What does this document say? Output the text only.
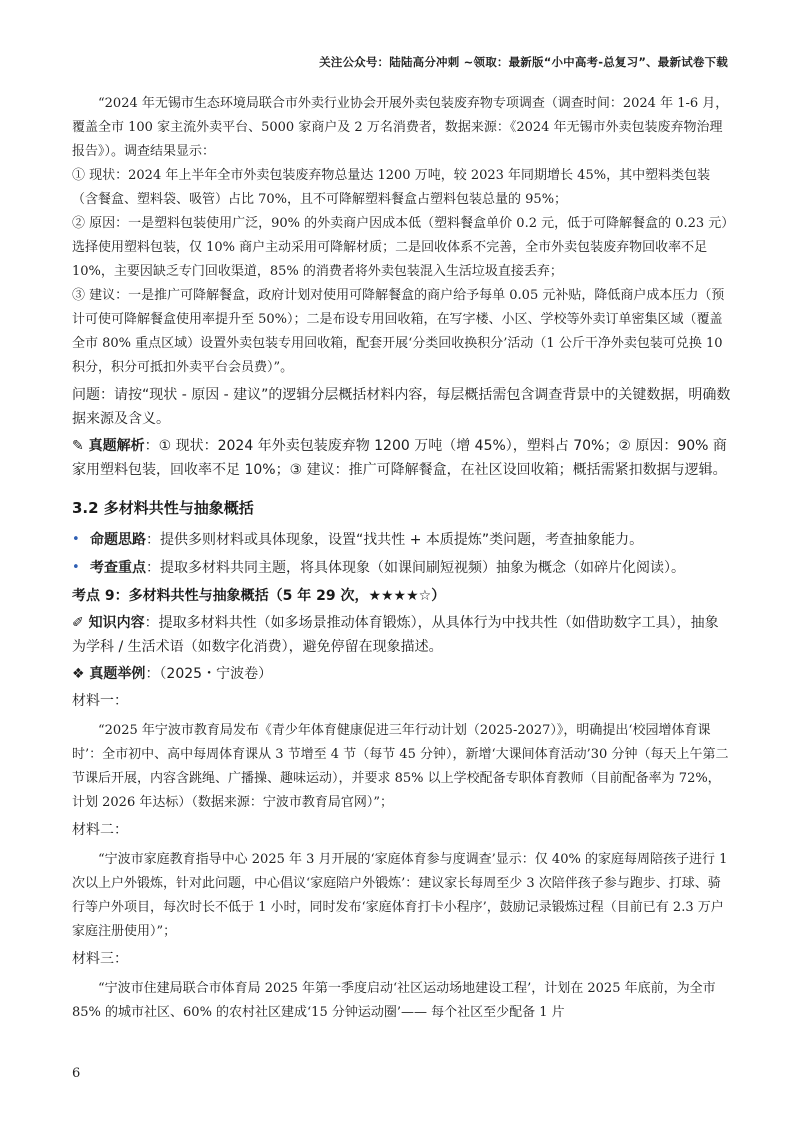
关注公众号：陆陆高分冲刺 ~领取：最新版“小中高考-总复习”、最新试卷下载

“2024 年无锡市生态环境局联合市外卖行业协会开展外卖包装废弃物专项调查（调查时间：2024 年 1-6 月，覆盖全市 100 家主流外卖平台、5000 家商户及 2 万名消费者，数据来源：《2024 年无锡市外卖包装废弃物治理报告》）。调查结果显示：

① 现状：2024 年上半年全市外卖包装废弃物总量达 1200 万吨，较 2023 年同期增长 45%，其中塑料类包装（含餐盒、塑料袋、吸管）占比 70%，且不可降解塑料餐盒占塑料包装总量的 95%；

② 原因：一是塑料包装使用广泛，90% 的外卖商户因成本低（塑料餐盒单价 0.2 元，低于可降解餐盒的 0.23 元）选择使用塑料包装，仅 10% 商户主动采用可降解材质；二是回收体系不完善，全市外卖包装废弃物回收率不足 10%，主要因缺乏专门回收渠道，85% 的消费者将外卖包装混入生活垃圾直接丢弃；

③ 建议：一是推广可降解餐盒，政府计划对使用可降解餐盒的商户给予每单 0.05 元补贴，降低商户成本压力（预计可使可降解餐盒使用率提升至 50%）；二是布设专用回收箱，在写字楼、小区、学校等外卖订单密集区域（覆盖全市 80% 重点区域）设置外卖包装专用回收箱，配套开展‘分类回收换积分’活动（1 公斤干净外卖包装可兑换 10 积分，积分可抵扣外卖平台会员费）”。

问题：请按“现状 - 原因 - 建议”的逻辑分层概括材料内容，每层概括需包含调查背景中的关键数据，明确数据来源及含义。

✎ 真题解析：① 现状：2024 年外卖包装废弃物 1200 万吨（增 45%），塑料占 70%；② 原因：90% 商家用塑料包装，回收率不足 10%；③ 建议：推广可降解餐盒，在社区设回收箱；概括需紧扣数据与逻辑。

3.2 多材料共性与抽象概括
• 命题思路：提供多则材料或具体现象，设置“找共性 + 本质提炼”类问题，考查抽象能力。
• 考查重点：提取多材料共同主题，将具体现象（如课间刷短视频）抽象为概念（如碎片化阅读）。
考点 9：多材料共性与抽象概括（5 年 29 次，★★★★☆）

✐ 知识内容：提取多材料共性（如多场景推动体育锻炼），从具体行为中找共性（如借助数字工具），抽象为学科 / 生活术语（如数字化消费），避免停留在现象描述。

❖ 真题举例：（2025・宁波卷）

材料一：

“2025 年宁波市教育局发布《青少年体育健康促进三年行动计划（2025-2027）》，明确提出‘校园增体育课时’：全市初中、高中每周体育课从 3 节增至 4 节（每节 45 分钟），新增‘大课间体育活动’30 分钟（每天上午第二节课后开展，内容含跳绳、广播操、趣味运动），并要求 85% 以上学校配备专职体育教师（目前配备率为 72%，计划 2026 年达标）（数据来源：宁波市教育局官网）”；

材料二：

“宁波市家庭教育指导中心 2025 年 3 月开展的‘家庭体育参与度调查’显示：仅 40% 的家庭每周陪孩子进行 1 次以上户外锻炼，针对此问题，中心倡议‘家庭陪户外锻炼’：建议家长每周至少 3 次陪伴孩子参与跑步、打球、骑行等户外项目，每次时长不低于 1 小时，同时发布‘家庭体育打卡小程序’，鼓励记录锻炼过程（目前已有 2.3 万户家庭注册使用）”；

材料三：

“宁波市住建局联合市体育局 2025 年第一季度启动‘社区运动场地建设工程’，计划在 2025 年底前，为全市 85% 的城市社区、60% 的农村社区建成‘15 分钟运动圈’—— 每个社区至少配备 1 片

6
